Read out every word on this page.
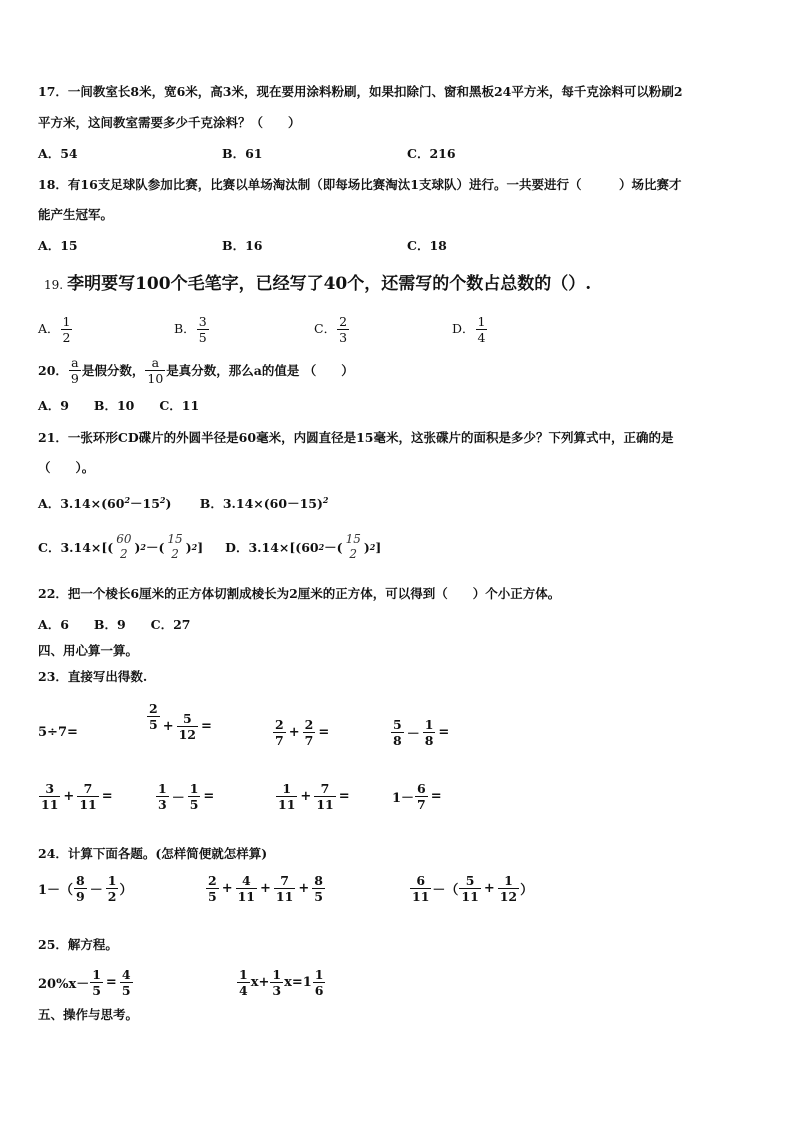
17．一间教室长8米，宽6米，高3米，现在要用涂料粉刷，如果扣除门、窗和黑板24平方米，每千克涂料可以粉刷2
平方米，这间教室需要多少千克涂料？（　　）
A．54	B．61	C．216
18．有16支足球队参加比赛，比赛以单场淘汰制（即每场比赛淘汰1支球队）进行。一共要进行（　　　）场比赛才
能产生冠军。
A．15	B．16	C．18
19. 李明要写100个毛笔字，已经写了40个，还需写的个数占总数的（）.
A． $\frac{1}{2}$	B． $\frac{3}{5}$	C． $\frac{2}{3}$	D． $\frac{1}{4}$
20． $\frac{a}{9}$ 是假分数， $\frac{a}{10}$ 是真分数，那么a的值是 （　　）
A．9　　B．10　　C．11
21．一张环形CD碟片的外圆半径是60毫米，内圆直径是15毫米，这张碟片的面积是多少？下列算式中，正确的是
（　　）。
A．$3.14\times(60^2-15^2)$ B．$3.14\times(60-15)^2$
C．3.14×[(
60
2 ) 2 －(
15
2 ) 2 ] D．3.14×[(60 2 －(
15
2 ) 2 ]
22．把一个棱长6厘米的正方体切割成棱长为2厘米的正方体，可以得到（　　）个小正方体。
A．6　　B．9　　C．27
四、用心算一算。
23．直接写出得数.
5÷7=
$\frac{2}{5} + \frac{5}{12}$ =	$\frac{2}{7} + \frac{2}{7}$ =	$\frac{5}{8} - \frac{1}{8}$ =
$\frac{3}{11} + \frac{7}{11}$ =	$\frac{1}{3} - \frac{1}{5}$ =	$\frac{1}{11} + \frac{7}{11}$ =	$1- \frac{6}{7}$ =
24．计算下面各题。(怎样简便就怎样算)
$1-( \frac{8}{9} - \frac{1}{2}$ ）	$\frac{2}{5} + \frac{4}{11} + \frac{7}{11} + \frac{8}{5}$	$\frac{6}{11}$ －（ $\frac{5}{11} + \frac{1}{12}$ ）
25．解方程。
$20\%x- \frac{1}{5} = \frac{4}{5}$	$\frac{1}{4} x+ \frac{1}{3} x=1 \frac{1}{6}$
五、操作与思考。
